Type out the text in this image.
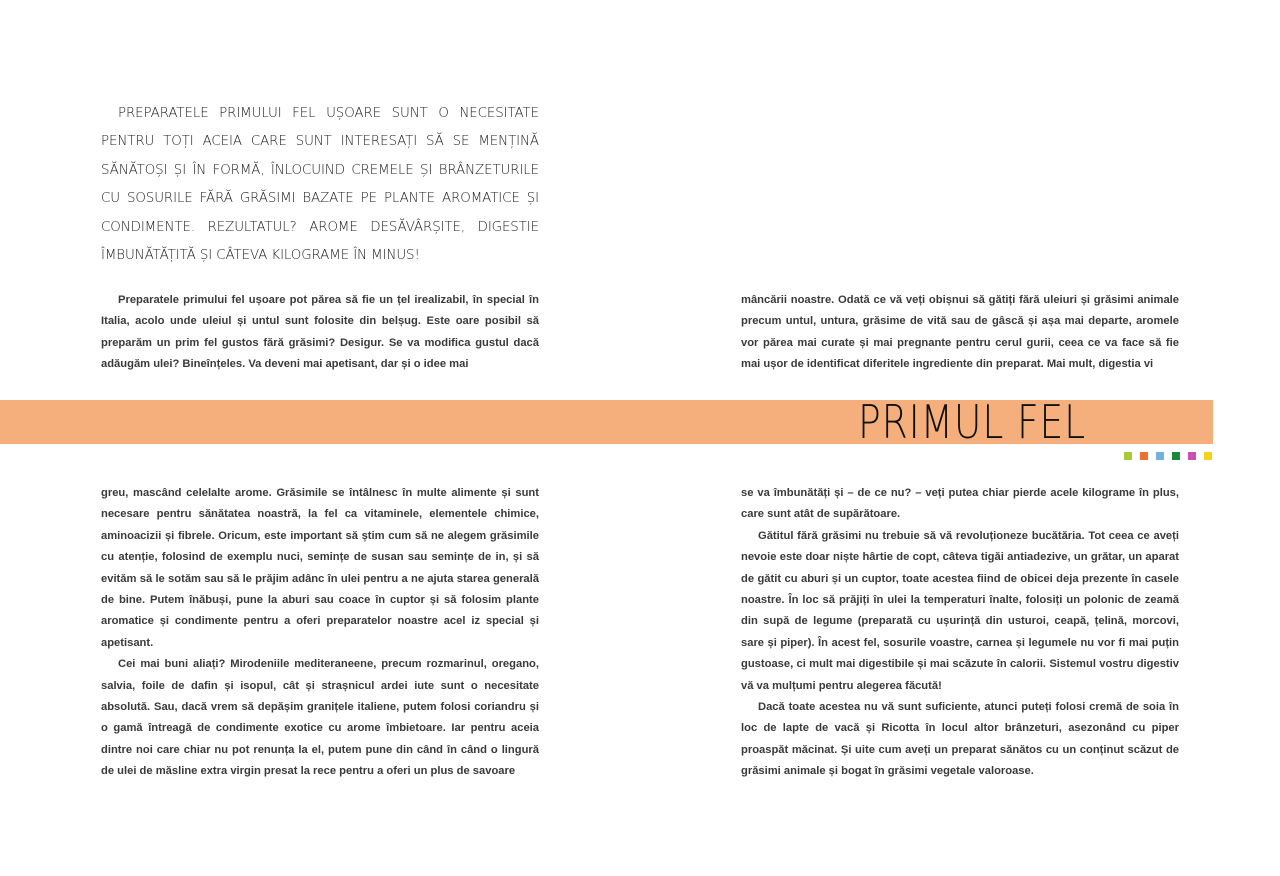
PREPARATELE PRIMULUI FEL UȘOARE SUNT O NECESITATE PENTRU TOȚI ACEIA CARE SUNT INTERESAȚI SĂ SE MENȚINĂ SĂNĂTOȘI ȘI ÎN FORMĂ, ÎNLOCUIND CREMELE ȘI BRÂNZETURILE CU SOSURILE FĂRĂ GRĂSIMI BAZATE PE PLANTE AROMATICE ȘI CONDIMENTE. REZULTATUL? AROME DESĂVÂRȘITE, DIGESTIE ÎMBUNĂTĂȚITĂ ȘI CÂTEVA KILOGRAME ÎN MINUS!

Preparatele primului fel ușoare pot părea să fie un țel irealizabil, în special în Italia, acolo unde uleiul și untul sunt folosite din belșug. Este oare posibil să preparăm un prim fel gustos fără grăsimi? Desigur. Se va modifica gustul dacă adăugăm ulei? Bineînțeles. Va deveni mai apetisant, dar și o idee mai

mâncării noastre. Odată ce vă veți obișnui să gătiți fără uleiuri și grăsimi animale precum untul, untura, grăsime de vită sau de gâscă și așa mai departe, aromele vor părea mai curate și mai pregnante pentru cerul gurii, ceea ce va face să fie mai ușor de identificat diferitele ingrediente din preparat. Mai mult, digestia vi

PRIMUL FEL

greu, mascând celelalte arome. Grăsimile se întâlnesc în multe alimente și sunt necesare pentru sănătatea noastră, la fel ca vitaminele, elementele chimice, aminoacizii și fibrele. Oricum, este important să știm cum să ne alegem grăsimile cu atenție, folosind de exemplu nuci, semințe de susan sau semințe de in, și să evităm să le sotăm sau să le prăjim adânc în ulei pentru a ne ajuta starea generală de bine. Putem înăbuși, pune la aburi sau coace în cuptor și să folosim plante aromatice și condimente pentru a oferi preparatelor noastre acel iz special și apetisant.

Cei mai buni aliați? Mirodeniile mediteraneene, precum rozmarinul, oregano, salvia, foile de dafin și isopul, cât și strașnicul ardei iute sunt o necesitate absolută. Sau, dacă vrem să depășim granițele italiene, putem folosi coriandru și o gamă întreagă de condimente exotice cu arome îmbietoare. Iar pentru aceia dintre noi care chiar nu pot renunța la el, putem pune din când în când o lingură de ulei de măsline extra virgin presat la rece pentru a oferi un plus de savoare

se va îmbunătăți și – de ce nu? – veți putea chiar pierde acele kilograme în plus, care sunt atât de supărătoare.

Gătitul fără grăsimi nu trebuie să vă revoluționeze bucătăria. Tot ceea ce aveți nevoie este doar niște hârtie de copt, câteva tigăi antiadezive, un grătar, un aparat de gătit cu aburi și un cuptor, toate acestea fiind de obicei deja prezente în casele noastre. În loc să prăjiți în ulei la temperaturi înalte, folosiți un polonic de zeamă din supă de legume (preparată cu ușurință din usturoi, ceapă, țelină, morcovi, sare și piper). În acest fel, sosurile voastre, carnea și legumele nu vor fi mai puțin gustoase, ci mult mai digestibile și mai scăzute în calorii. Sistemul vostru digestiv vă va mulțumi pentru alegerea făcută!

Dacă toate acestea nu vă sunt suficiente, atunci puteți folosi cremă de soia în loc de lapte de vacă și Ricotta în locul altor brânzeturi, asezonând cu piper proaspăt măcinat. Și uite cum aveți un preparat sănătos cu un conținut scăzut de grăsimi animale și bogat în grăsimi vegetale valoroase.
